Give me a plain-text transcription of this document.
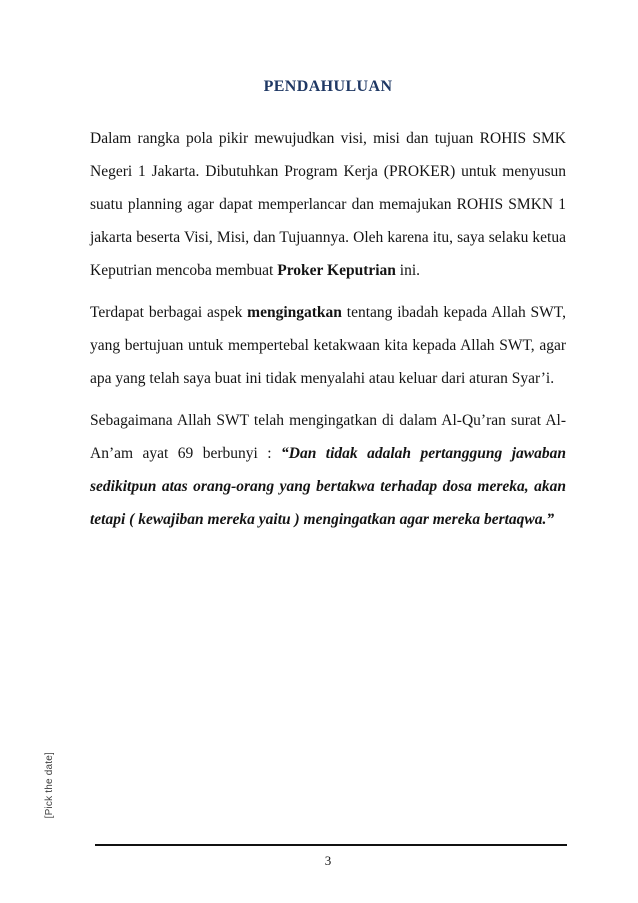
[Pick the date]
PENDAHULUAN

Dalam rangka pola pikir mewujudkan visi, misi dan tujuan ROHIS SMK Negeri 1 Jakarta. Dibutuhkan Program Kerja (PROKER) untuk menyusun suatu planning agar dapat memperlancar dan memajukan ROHIS SMKN 1 jakarta beserta Visi, Misi, dan Tujuannya. Oleh karena itu, saya selaku ketua Keputrian mencoba membuat Proker Keputrian ini.

Terdapat berbagai aspek mengingatkan tentang ibadah kepada Allah SWT, yang bertujuan untuk mempertebal ketakwaan kita kepada Allah SWT, agar apa yang telah saya buat ini tidak menyalahi atau keluar dari aturan Syar’i.

Sebagaimana Allah SWT telah mengingatkan di dalam Al-Qu’ran surat Al-An’am ayat 69 berbunyi : “Dan tidak adalah pertanggung jawaban sedikitpun atas orang-orang yang bertakwa terhadap dosa mereka, akan tetapi ( kewajiban mereka yaitu ) mengingatkan agar mereka bertaqwa.”

3
